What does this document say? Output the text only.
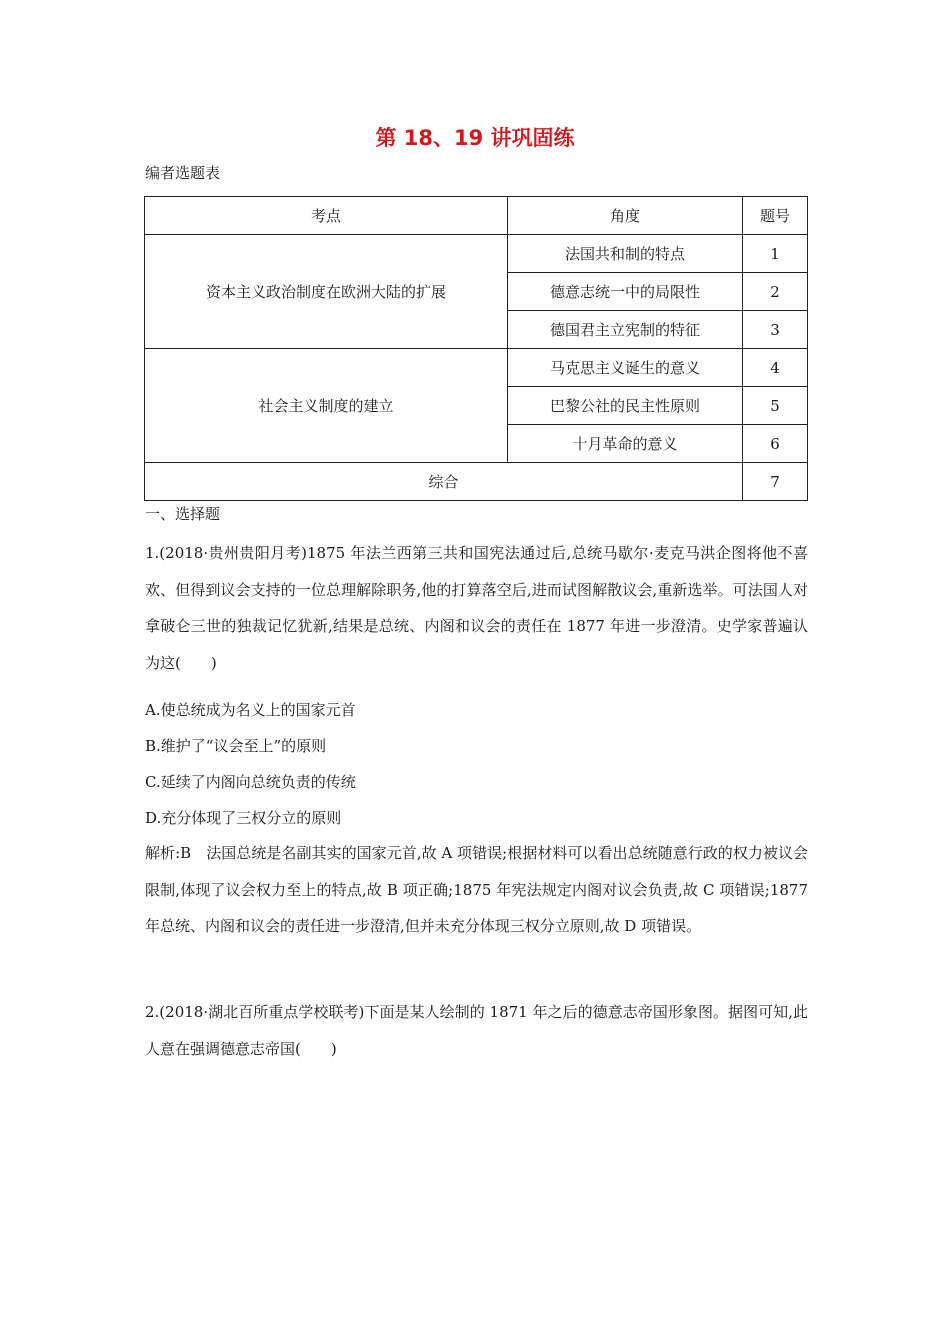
第 18、19 讲巩固练
编者选题表
考点	角度	题号
资本主义政治制度在欧洲大陆的扩展	法国共和制的特点	1
	德意志统一中的局限性	2
	德国君主立宪制的特征	3
社会主义制度的建立	马克思主义诞生的意义	4
	巴黎公社的民主性原则	5
	十月革命的意义	6
综合		7
一、选择题
1.(2018·贵州贵阳月考)1875 年法兰西第三共和国宪法通过后,总统马歇尔·麦克马洪企图将他不喜欢、但得到议会支持的一位总理解除职务,他的打算落空后,进而试图解散议会,重新选举。可法国人对拿破仑三世的独裁记忆犹新,结果是总统、内阁和议会的责任在 1877 年进一步澄清。史学家普遍认为这(　　)
A.使总统成为名义上的国家元首
B.维护了“议会至上”的原则
C.延续了内阁向总统负责的传统
D.充分体现了三权分立的原则
解析:B　法国总统是名副其实的国家元首,故 A 项错误;根据材料可以看出总统随意行政的权力被议会限制,体现了议会权力至上的特点,故 B 项正确;1875 年宪法规定内阁对议会负责,故 C 项错误;1877 年总统、内阁和议会的责任进一步澄清,但并未充分体现三权分立原则,故 D 项错误。
2.(2018·湖北百所重点学校联考)下面是某人绘制的 1871 年之后的德意志帝国形象图。据图可知,此人意在强调德意志帝国(　　)
